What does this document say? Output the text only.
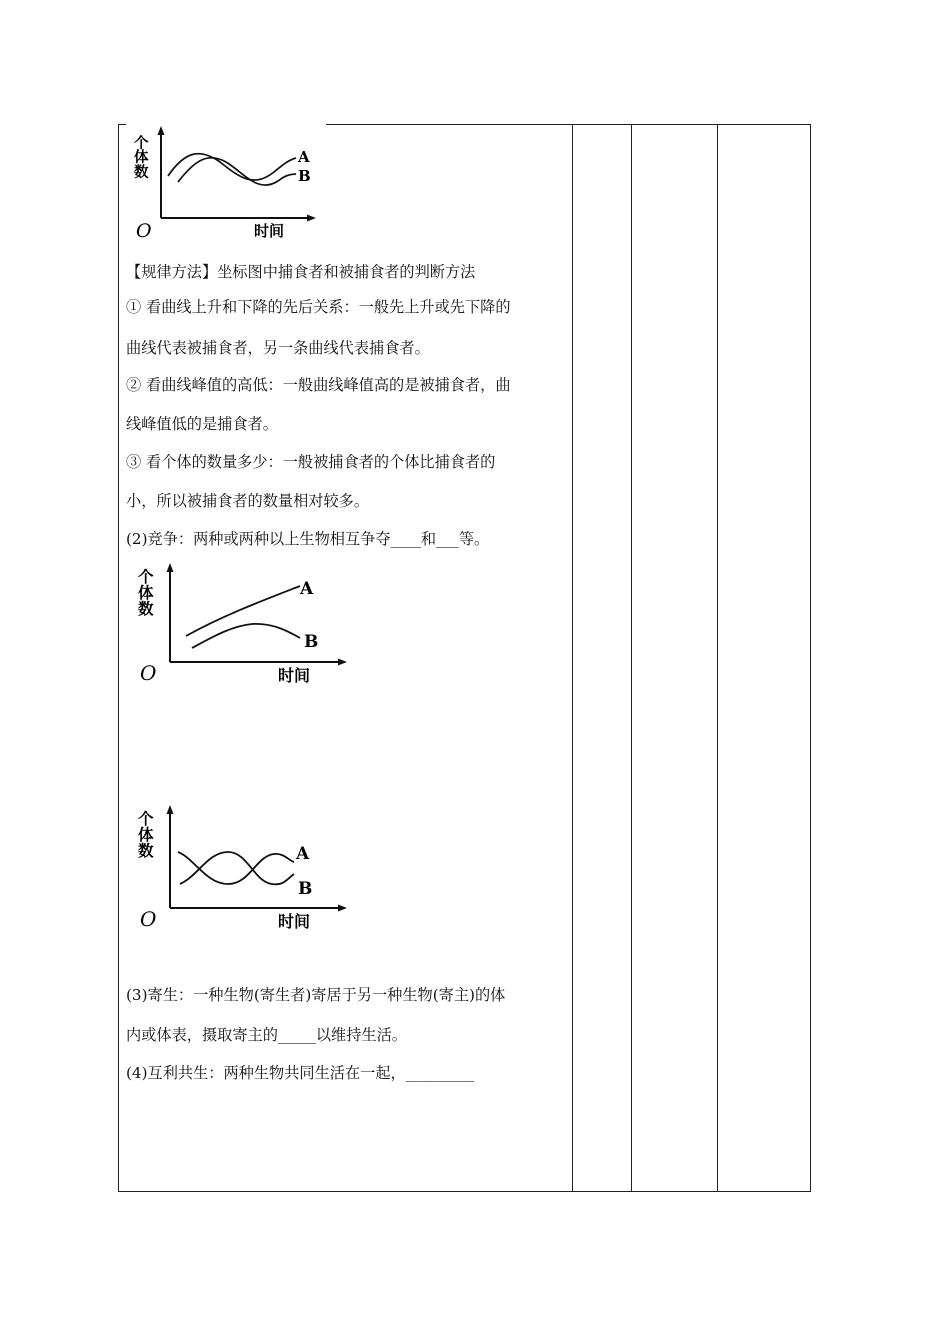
个
体
数
O	时间
A
B
【规律方法】坐标图中捕食者和被捕食者的判断方法
① 看曲线上升和下降的先后关系：一般先上升或先下降的
曲线代表被捕食者，另一条曲线代表捕食者。
② 看曲线峰值的高低：一般曲线峰值高的是被捕食者，曲
线峰值低的是捕食者。
③ 看个体的数量多少：一般被捕食者的个体比捕食者的
小，所以被捕食者的数量相对较多。
(2)竞争：两种或两种以上生物相互争夺____和___等。
个
体
数
O	时间
A
B
个
体
数
O	时间
A
B
(3)寄生：一种生物(寄生者)寄居于另一种生物(寄主)的体
内或体表，摄取寄主的_____以维持生活。
(4)互利共生：两种生物共同生活在一起，_________
